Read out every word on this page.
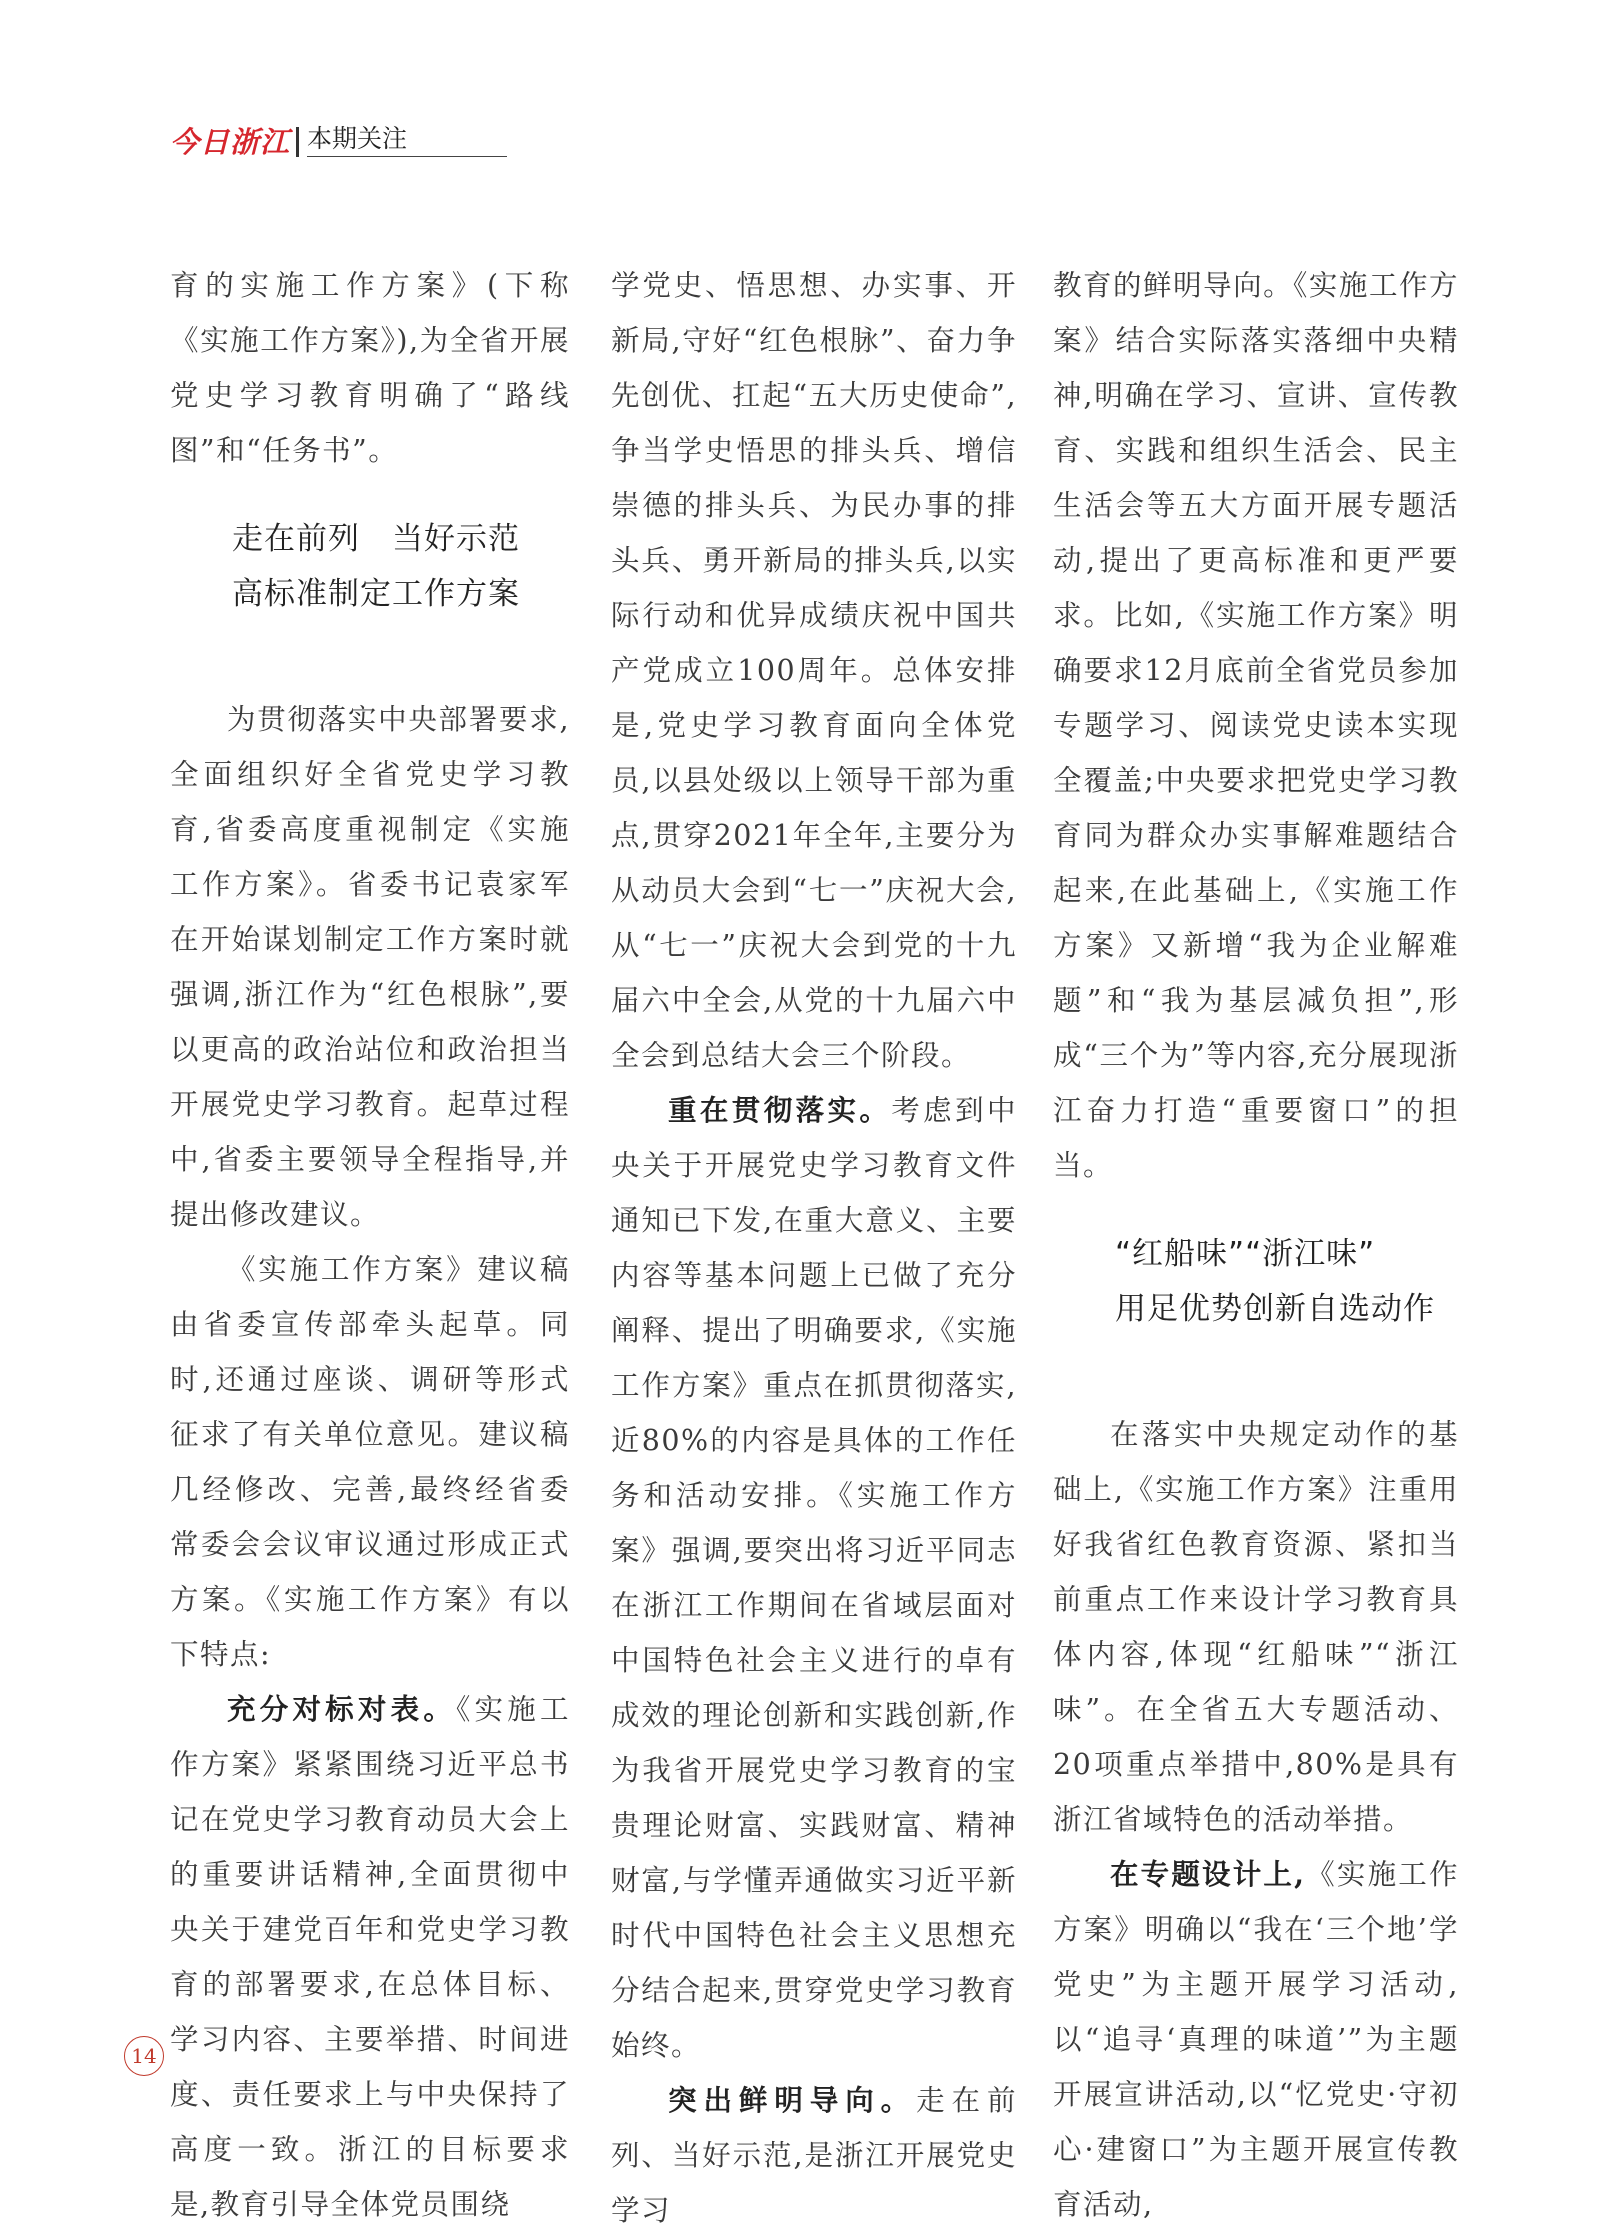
今日浙江 本期关注

育的实施工作方案》(下称《实施工作方案》),为全省开展党史学习教育明确了“路线图”和“任务书”。

走在前列　当好示范

高标准制定工作方案

为贯彻落实中央部署要求,全面组织好全省党史学习教育,省委高度重视制定《实施工作方案》。省委书记袁家军在开始谋划制定工作方案时就强调,浙江作为“红色根脉”,要以更高的政治站位和政治担当开展党史学习教育。起草过程中,省委主要领导全程指导,并提出修改建议。

《实施工作方案》建议稿由省委宣传部牵头起草。同时,还通过座谈、调研等形式征求了有关单位意见。建议稿几经修改、完善,最终经省委常委会会议审议通过形成正式方案。《实施工作方案》有以下特点:

充分对标对表。《实施工作方案》紧紧围绕习近平总书记在党史学习教育动员大会上的重要讲话精神,全面贯彻中央关于建党百年和党史学习教育的部署要求,在总体目标、学习内容、主要举措、时间进度、责任要求上与中央保持了高度一致。浙江的目标要求是,教育引导全体党员围绕

学党史、悟思想、办实事、开新局,守好“红色根脉”、奋力争先创优、扛起“五大历史使命”,争当学史悟思的排头兵、增信崇德的排头兵、为民办事的排头兵、勇开新局的排头兵,以实际行动和优异成绩庆祝中国共产党成立100周年。总体安排是,党史学习教育面向全体党员,以县处级以上领导干部为重点,贯穿2021年全年,主要分为从动员大会到“七一”庆祝大会,从“七一”庆祝大会到党的十九届六中全会,从党的十九届六中全会到总结大会三个阶段。

重在贯彻落实。考虑到中央关于开展党史学习教育文件通知已下发,在重大意义、主要内容等基本问题上已做了充分阐释、提出了明确要求,《实施工作方案》重点在抓贯彻落实,近80%的内容是具体的工作任务和活动安排。《实施工作方案》强调,要突出将习近平同志在浙江工作期间在省域层面对中国特色社会主义进行的卓有成效的理论创新和实践创新,作为我省开展党史学习教育的宝贵理论财富、实践财富、精神财富,与学懂弄通做实习近平新时代中国特色社会主义思想充分结合起来,贯穿党史学习教育始终。

突出鲜明导向。走在前列、当好示范,是浙江开展党史学习

教育的鲜明导向。《实施工作方案》结合实际落实落细中央精神,明确在学习、宣讲、宣传教育、实践和组织生活会、民主生活会等五大方面开展专题活动,提出了更高标准和更严要求。比如,《实施工作方案》明确要求12月底前全省党员参加专题学习、阅读党史读本实现全覆盖;中央要求把党史学习教育同为群众办实事解难题结合起来,在此基础上,《实施工作方案》又新增“我为企业解难题”和“我为基层减负担”,形成“三个为”等内容,充分展现浙江奋力打造“重要窗口”的担当。

“红船味”“浙江味”

用足优势创新自选动作

在落实中央规定动作的基础上,《实施工作方案》注重用好我省红色教育资源、紧扣当前重点工作来设计学习教育具体内容,体现“红船味”“浙江味”。在全省五大专题活动、20项重点举措中,80%是具有浙江省域特色的活动举措。

在专题设计上,《实施工作方案》明确以“我在‘三个地’学党史”为主题开展学习活动,以“追寻‘真理的味道’”为主题开展宣讲活动,以“忆党史·守初心·建窗口”为主题开展宣传教育活动,

14
